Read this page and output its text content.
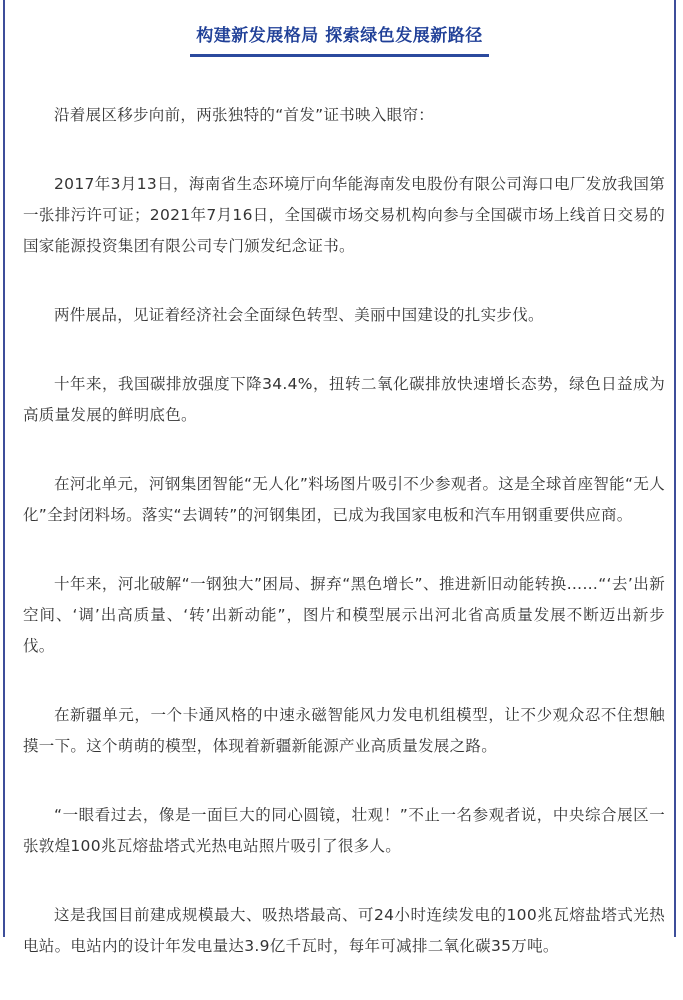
构建新发展格局 探索绿色发展新路径

沿着展区移步向前，两张独特的“首发”证书映入眼帘：

2017年3月13日，海南省生态环境厅向华能海南发电股份有限公司海口电厂发放我国第一张排污许可证；2021年7月16日，全国碳市场交易机构向参与全国碳市场上线首日交易的国家能源投资集团有限公司专门颁发纪念证书。

两件展品，见证着经济社会全面绿色转型、美丽中国建设的扎实步伐。

十年来，我国碳排放强度下降34.4%，扭转二氧化碳排放快速增长态势，绿色日益成为高质量发展的鲜明底色。

在河北单元，河钢集团智能“无人化”料场图片吸引不少参观者。这是全球首座智能“无人化”全封闭料场。落实“去调转”的河钢集团，已成为我国家电板和汽车用钢重要供应商。

十年来，河北破解“一钢独大”困局、摒弃“黑色增长”、推进新旧动能转换……“‘去’出新空间、‘调’出高质量、‘转’出新动能”，图片和模型展示出河北省高质量发展不断迈出新步伐。

在新疆单元，一个卡通风格的中速永磁智能风力发电机组模型，让不少观众忍不住想触摸一下。这个萌萌的模型，体现着新疆新能源产业高质量发展之路。

“一眼看过去，像是一面巨大的同心圆镜，壮观！”不止一名参观者说，中央综合展区一张敦煌100兆瓦熔盐塔式光热电站照片吸引了很多人。

这是我国目前建成规模最大、吸热塔最高、可24小时连续发电的100兆瓦熔盐塔式光热电站。电站内的设计年发电量达3.9亿千瓦时，每年可减排二氧化碳35万吨。
